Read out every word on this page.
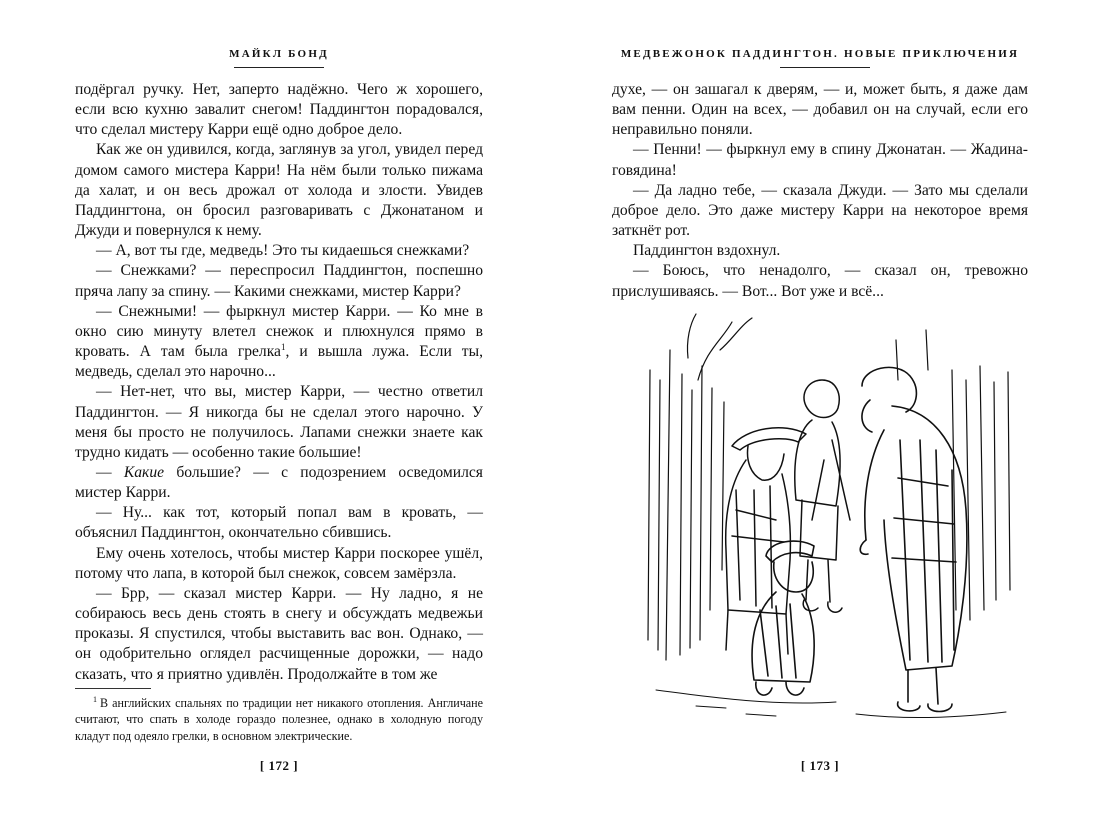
МАЙКЛ БОНД

подёргал ручку. Нет, заперто надёжно. Чего ж хорошего, если всю кухню завалит снегом! Паддингтон порадовался, что сделал мистеру Карри ещё одно доброе дело.

Как же он удивился, когда, заглянув за угол, увидел перед домом самого мистера Карри! На нём были только пижама да халат, и он весь дрожал от холода и злости. Увидев Паддингтона, он бросил разговаривать с Джонатаном и Джуди и повернулся к нему.

— А, вот ты где, медведь! Это ты кидаешься снежками?

— Снежками? — переспросил Паддингтон, поспешно пряча лапу за спину. — Какими снежками, мистер Карри?

— Снежными! — фыркнул мистер Карри. — Ко мне в окно сию минуту влетел снежок и плюхнулся прямо в кровать. А там была грелка$^1$, и вышла лужа. Если ты, медведь, сделал это нарочно...

— Нет-нет, что вы, мистер Карри, — честно ответил Паддингтон. — Я никогда бы не сделал этого нарочно. У меня бы просто не получилось. Лапами снежки знаете как трудно кидать — особенно такие большие!

— Какие большие? — с подозрением осведомился мистер Карри.

— Ну... как тот, который попал вам в кровать, — объяснил Паддингтон, окончательно сбившись.

Ему очень хотелось, чтобы мистер Карри поскорее ушёл, потому что лапа, в которой был снежок, совсем замёрзла.

— Брр, — сказал мистер Карри. — Ну ладно, я не собираюсь весь день стоять в снегу и обсуждать медвежьи проказы. Я спустился, чтобы выставить вас вон. Однако, — он одобрительно оглядел расчищенные дорожки, — надо сказать, что я приятно удивлён. Продолжайте в том же

$^1$ В английских спальнях по традиции нет никакого отопления. Англичане считают, что спать в холоде гораздо полезнее, однако в холодную погоду кладут под одеяло грелки, в основном электрические.

[ 172 ]
МЕДВЕЖОНОК ПАДДИНГТОН. НОВЫЕ ПРИКЛЮЧЕНИЯ

духе, — он зашагал к дверям, — и, может быть, я даже дам вам пенни. Один на всех, — добавил он на случай, если его неправильно поняли.

— Пенни! — фыркнул ему в спину Джонатан. — Жадина-говядина!

— Да ладно тебе, — сказала Джуди. — Зато мы сделали доброе дело. Это даже мистеру Карри на некоторое время заткнёт рот.

Паддингтон вздохнул.

— Боюсь, что ненадолго, — сказал он, тревожно прислушиваясь. — Вот... Вот уже и всё...

[ 173 ]
